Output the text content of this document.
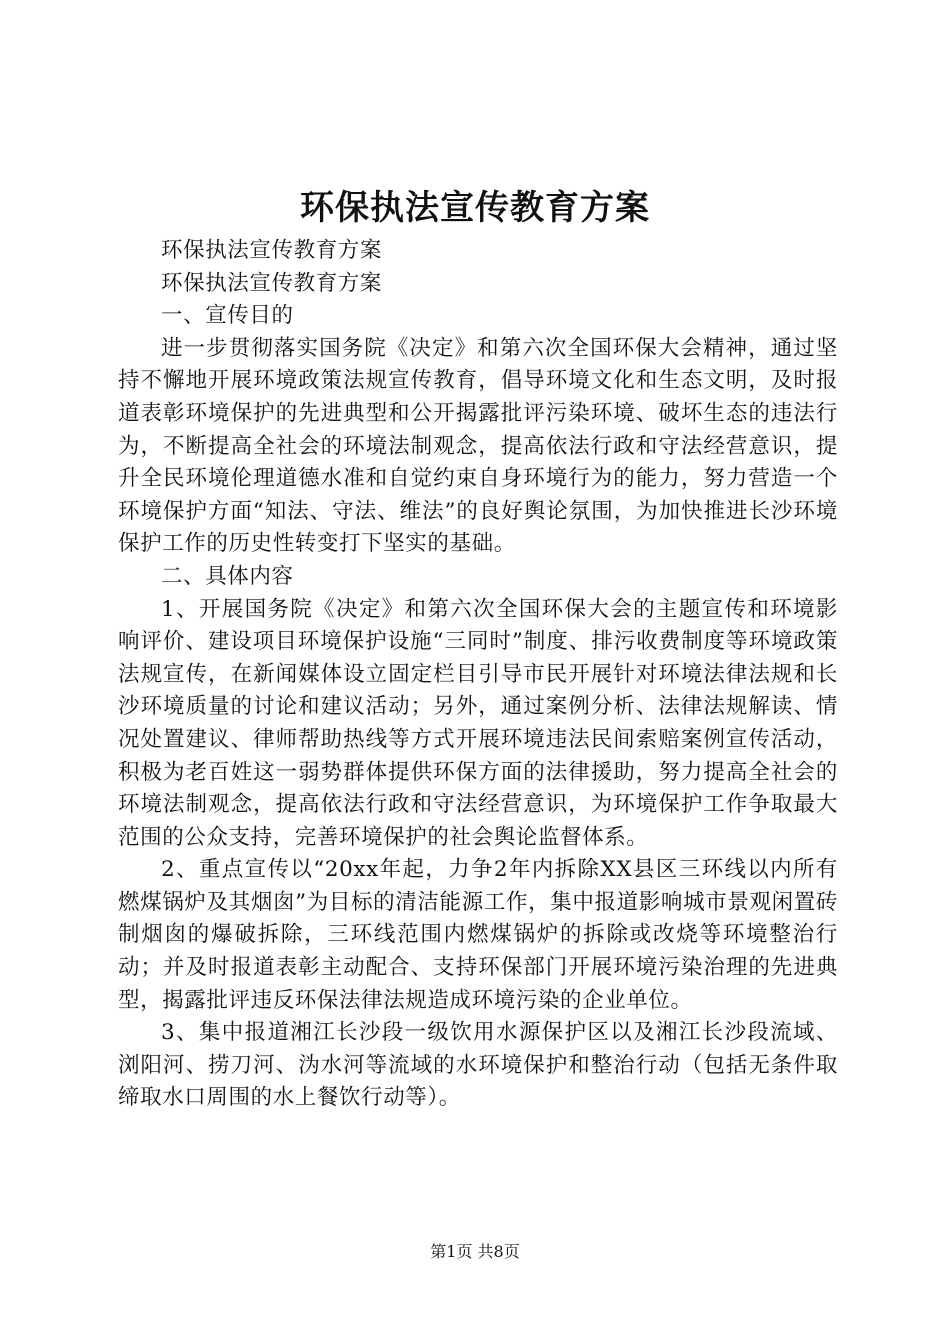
环保执法宣传教育方案

环保执法宣传教育方案

环保执法宣传教育方案

一、宣传目的

进一步贯彻落实国务院《决定》和第六次全国环保大会精神，通过坚持不懈地开展环境政策法规宣传教育，倡导环境文化和生态文明，及时报道表彰环境保护的先进典型和公开揭露批评污染环境、破坏生态的违法行为，不断提高全社会的环境法制观念，提高依法行政和守法经营意识，提升全民环境伦理道德水准和自觉约束自身环境行为的能力，努力营造一个环境保护方面“知法、守法、维法”的良好舆论氛围，为加快推进长沙环境保护工作的历史性转变打下坚实的基础。

二、具体内容

1、开展国务院《决定》和第六次全国环保大会的主题宣传和环境影响评价、建设项目环境保护设施“三同时”制度、排污收费制度等环境政策法规宣传，在新闻媒体设立固定栏目引导市民开展针对环境法律法规和长沙环境质量的讨论和建议活动；另外，通过案例分析、法律法规解读、情况处置建议、律师帮助热线等方式开展环境违法民间索赔案例宣传活动，积极为老百姓这一弱势群体提供环保方面的法律援助，努力提高全社会的环境法制观念，提高依法行政和守法经营意识，为环境保护工作争取最大范围的公众支持，完善环境保护的社会舆论监督体系。

2、重点宣传以“20xx年起，力争2年内拆除XX县区三环线以内所有燃煤锅炉及其烟囱”为目标的清洁能源工作，集中报道影响城市景观闲置砖制烟囱的爆破拆除，三环线范围内燃煤锅炉的拆除或改烧等环境整治行动；并及时报道表彰主动配合、支持环保部门开展环境污染治理的先进典型，揭露批评违反环保法律法规造成环境污染的企业单位。

3、集中报道湘江长沙段一级饮用水源保护区以及湘江长沙段流域、浏阳河、捞刀河、沩水河等流域的水环境保护和整治行动（包括无条件取缔取水口周围的水上餐饮行动等）。

第1页 共8页
